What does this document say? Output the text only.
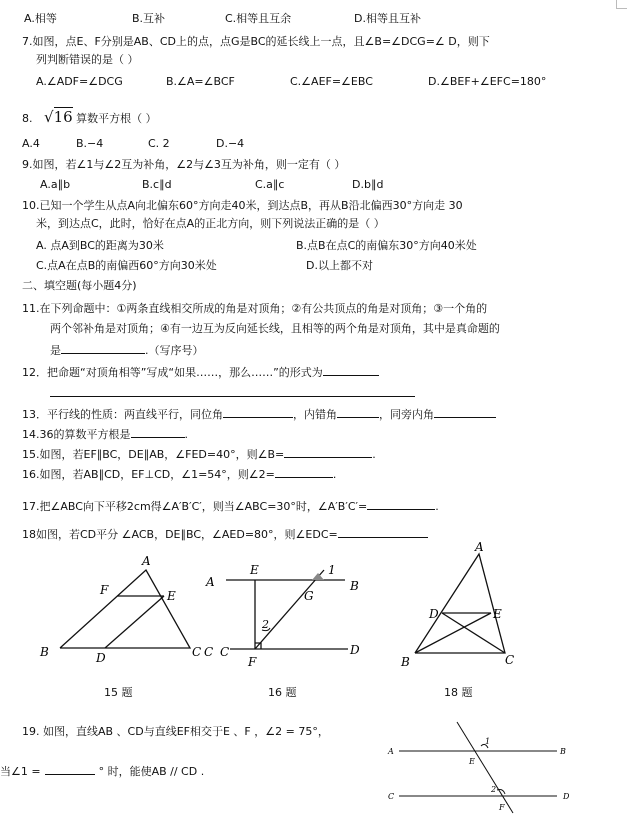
A.相等	B.互补	C.相等且互余	D.相等且互补
7.如图，点E、F分别是AB、CD上的点，点G是BC的延长线上一点，且∠B=∠DCG=∠ D，则下
列判断错误的是（ ）
A.∠ADF=∠DCG	B.∠A=∠BCF	C.∠AEF=∠EBC	D.∠BEF+∠EFC=180°
8. √16 算数平方根（ ）
A.4	B.−4	C. 2	D.−4
9.如图，若∠1与∠2互为补角，∠2与∠3互为补角，则一定有（ ）
A.a∥b	B.c∥d	C.a∥c	D.b∥d
10.已知一个学生从点A向北偏东60°方向走40米，到达点B，再从B沿北偏西30°方向走 30
米，到达点C，此时，恰好在点A的正北方向，则下列说法正确的是（ ）
A. 点A到BC的距离为30米	B.点B在点C的南偏东30°方向40米处
C.点A在点B的南偏西60°方向30米处	D.以上都不对
二、填空题(每小题4分)
11.在下列命题中：①两条直线相交所成的角是对顶角；②有公共顶点的角是对顶角；③一个角的
两个邻补角是对顶角；④有一边互为反向延长线，且相等的两个角是对顶角，其中是真命题的
是	.（写序号）
12．把命题“对顶角相等”写成“如果……，那么……”的形式为
13．平行线的性质：两直线平行，同位角	，内错角	，同旁内角
14.36的算数平方根是	.
15.如图，若EF∥BC，DE∥AB，∠FED=40°，则∠B=	.
16.如图，若AB∥CD，EF⊥CD，∠1=54°，则∠2=	.
17.把∠ABC向下平移2cm得∠A′B′C′，则当∠ABC=30°时，∠A′B′C′=	.
18如图，若CD平分 ∠ACB，DE∥BC，∠AED=80°，则∠EDC=
A
F	E
B	D	C
E
A	B
1
G
2
C C	D
F
A
D	E
B	C
15 题	16 题	18 题
19. 如图，直线AB 、CD与直线EF相交于E 、F ，∠2 = 75°，
当∠1 =	° 时，能使AB // CD .
1
A	B
E
2
C	D
F
